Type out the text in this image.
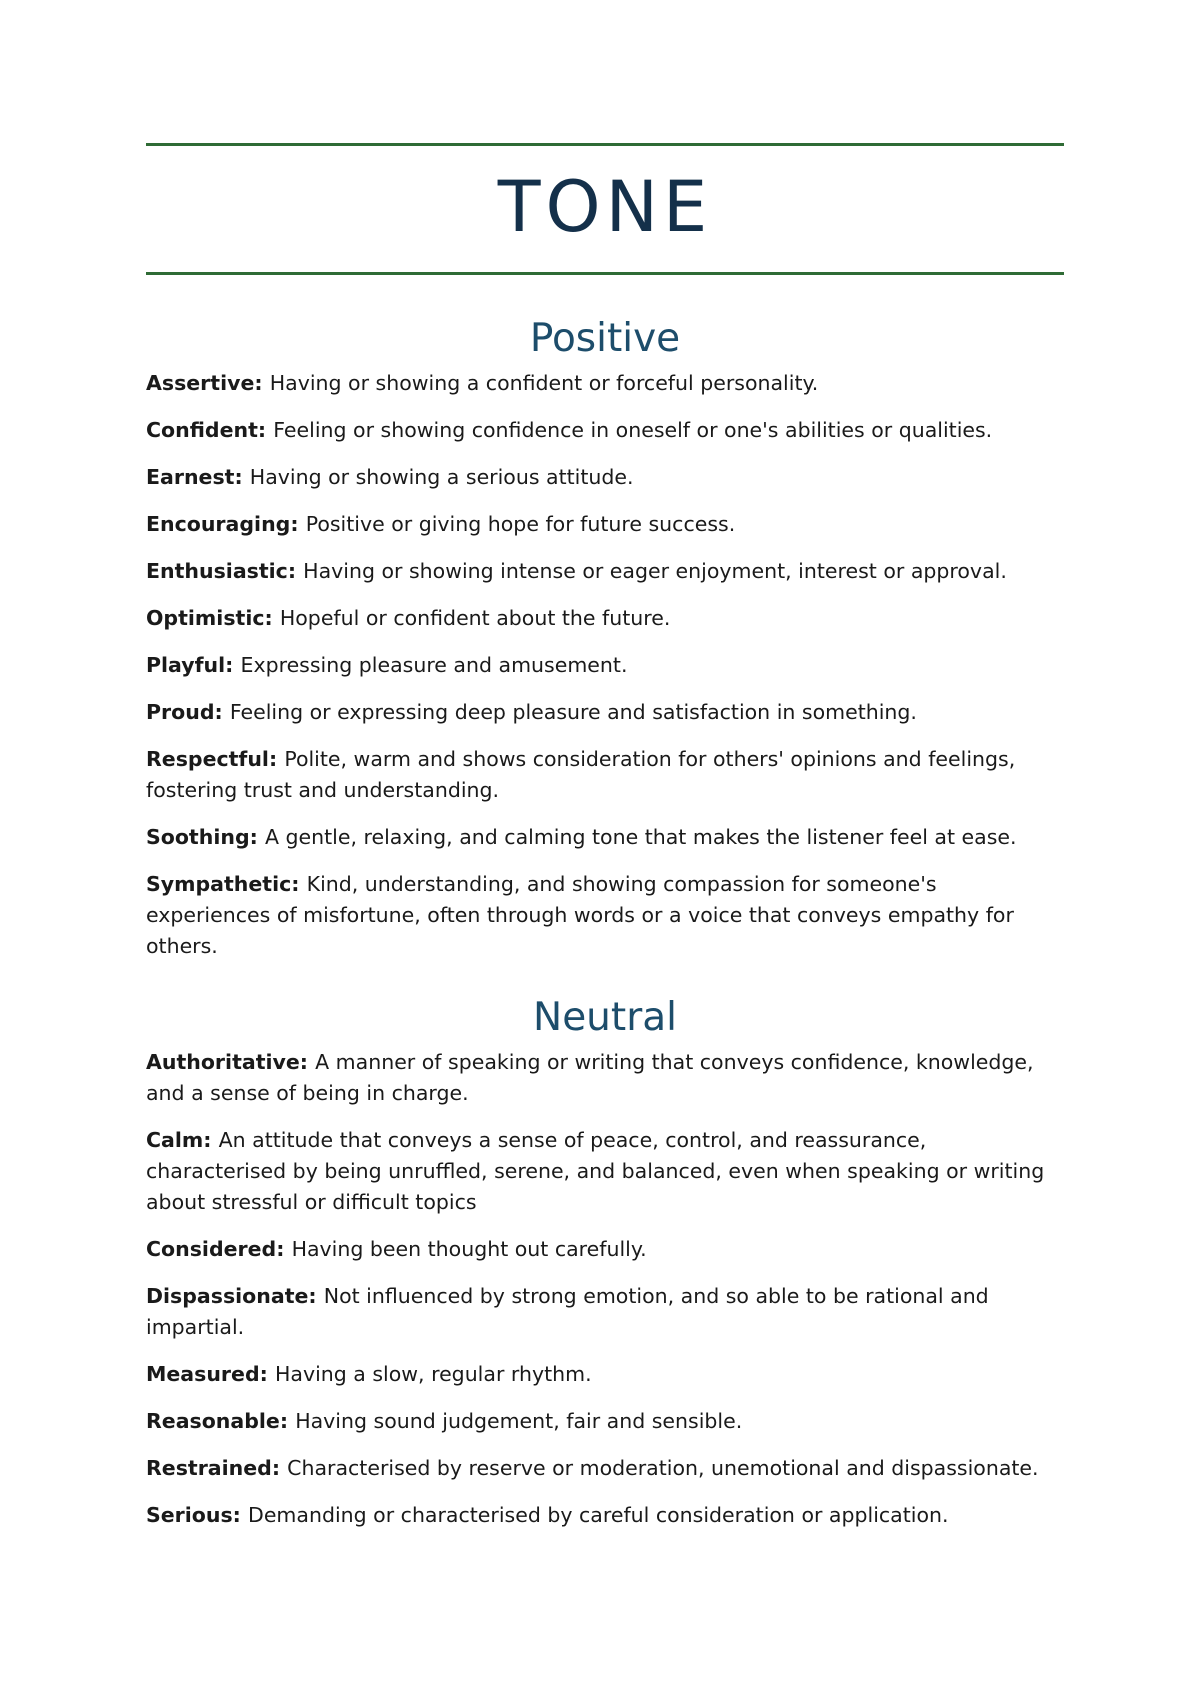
TONE
Positive

Assertive:Having or showing a confident or forceful personality.

Confident: Feeling or showing confidence in oneself or one's abilities or qualities.

Earnest: Having or showing a serious attitude.

Encouraging: Positive or giving hope for future success.

Enthusiastic: Having or showing intense or eager enjoyment, interest or approval.

Optimistic:Hopeful or confident about the future.

Playful: Expressing pleasure and amusement.

Proud: Feeling or expressing deep pleasure and satisfaction in something.

Respectful: Polite, warm and shows consideration for others' opinions and feelings, fostering trust and understanding.

Soothing:A gentle, relaxing, and calming tone that makes the listener feel at ease.

Sympathetic: Kind, understanding, and showing compassion for someone's experiences of misfortune, often through words or a voice that conveys empathy for others.

Neutral

Authoritative: A manner of speaking or writing that conveys confidence, knowledge, and a sense of being in charge.

Calm: An attitude that conveys a sense of peace, control, and reassurance, characterised by being unruffled, serene, and balanced, even when speaking or writing about stressful or difficult topics

Considered: Having been thought out carefully.

Dispassionate: Not influenced by strong emotion, and so able to be rational and impartial.

Measured: Having a slow, regular rhythm.

Reasonable: Having sound judgement, fair and sensible.

Restrained: Characterised by reserve or moderation, unemotional and dispassionate.

Serious: Demanding or characterised by careful consideration or application.
